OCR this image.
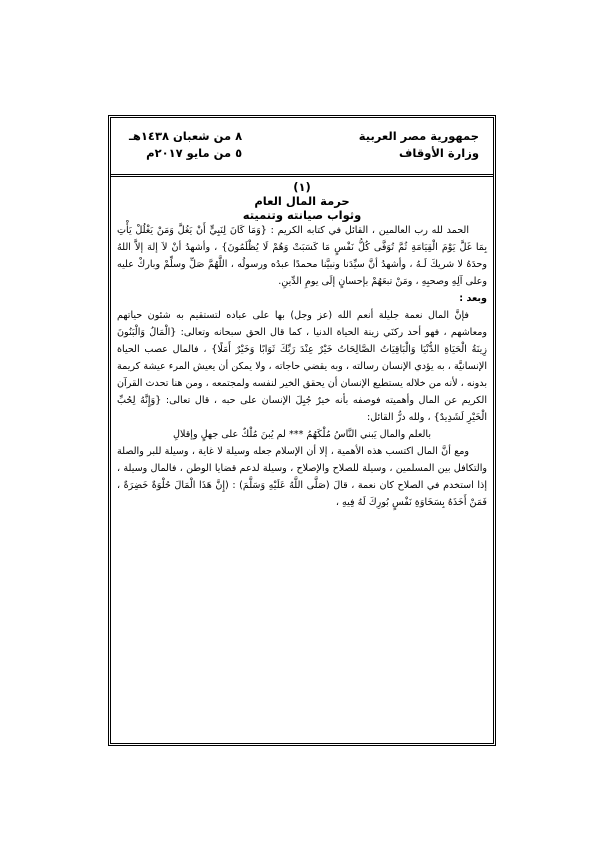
جمهورية مصر العربية
وزارة الأوقاف
٨ من شعبان ١٤٣٨هـ
٥ من مايو ٢٠١٧م

(١)

حرمة المال العام

وثواب صيانته وتنميته

الحمد لله رب العالمين ، القائل في كتابه الكريم : {وَمَا كَانَ لِنَبِيٍّ أَنْ يَغُلَّ وَمَنْ يَغْلُلْ يَأْتِ بِمَا غَلَّ يَوْمَ الْقِيَامَةِ ثُمَّ تُوَفَّى كُلُّ نَفْسٍ مَا كَسَبَتْ وَهُمْ لَا يُظْلَمُونَ} ، وأشهدُ أنْ لاَ إلهَ إلاَّ اللهُ وحدَهُ لا شريكَ لَـهُ ، وأشهدُ أنَّ سيِّدَنا ونبيَّنا محمدًا عبدُه ورسولُه ، اللَّهُمَّ صَلِّ وسلِّمْ وباركْ عليه وعلى آلِهِ وصحبِهِ ، ومَنْ تبعَهُمْ بإحسانٍ إلَى يومِ الدِّينِ.

وبعد :

فإنَّ المال نعمة جليلة أنعم الله (عز وجل) بها على عباده لتستقيم به شئون حياتهم ومعاشهم ، فهو أحد ركنَي زينة الحياة الدنيا ، كما قال الحق سبحانه وتعالى: {الْمَالُ وَالْبَنُونَ زِينَةُ الْحَيَاةِ الدُّنْيَا وَالْبَاقِيَاتُ الصَّالِحَاتُ خَيْرٌ عِنْدَ رَبِّكَ ثَوَابًا وَخَيْرٌ أَمَلًا} ، فالمال عصب الحياة الإنسانيَّة ، به يؤدي الإنسان رسالته ، وبه يقضي حاجاته ، ولا يمكن أن يعيش المرء عيشة كريمة بدونه ، لأنه من خلاله يستطيع الإنسان أن يحقق الخير لنفسه ولمجتمعه ، ومن هنا تحدث القرآن الكريم عن المال وأهميته فوصفه بأنه خيرٌ جُبِلَ الإنسان على حبه ، قال تعالى: {وَإِنَّهُ لِحُبِّ الْخَيْرِ لَشَدِيدٌ} ، ولله درُّ القائل:

بالعلم والمال يَبني النَّاسُ مُلْكَهُمُ *** لم يُبنَ مُلْكٌ على جهلٍ وإقلالِ

ومع أنَّ المال اكتسب هذه الأهمية ، إلا أن الإسلام جعله وسيلة لا غاية ، وسيلة للبر والصلة والتكافل بين المسلمين ، وسيلة للصلاح والإصلاح ، وسيلة لدعم قضايا الوطن ، فالمال وسيلة ، إذا استخدم في الصلاح كان نعمة ، قالَ (صَلَّى اللَّهُ عَلَيْهِ وَسَلَّمَ) : (إِنَّ هَذَا الْمَالَ حُلْوَةٌ خَضِرَةٌ ، فَمَنْ أَخَذَهُ بِسَخَاوَةِ نَفْسٍ بُورِكَ لَهُ فِيهِ ،
